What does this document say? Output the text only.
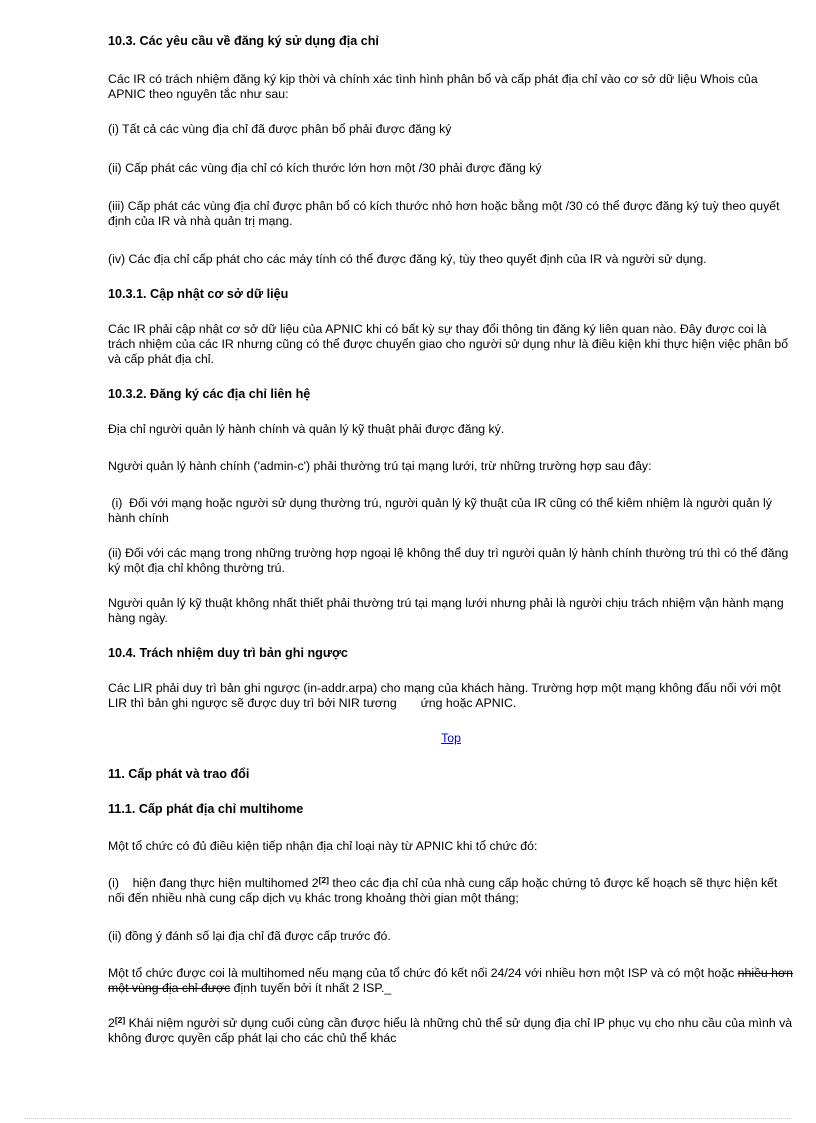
10.3. Các yêu cầu về đăng ký sử dụng địa chỉ

Các IR có trách nhiệm đăng ký kịp thời và chính xác tình hình phân bổ và cấp phát địa chỉ vào cơ sở dữ liệu Whois của APNIC theo nguyên tắc như sau:

(i) Tất cả các vùng địa chỉ đã được phân bổ phải được đăng ký

(ii) Cấp phát các vùng địa chỉ có kích thước lớn hơn một /30 phải được đăng ký

(iii) Cấp phát các vùng địa chỉ được phân bổ có kích thước nhỏ hơn hoặc bằng một /30 có thể được đăng ký tuỳ theo quyết định của IR và nhà quản trị mạng.

(iv) Các địa chỉ cấp phát cho các máy tính có thể được đăng ký, tùy theo quyết định của IR và người sử dụng.

10.3.1. Cập nhật cơ sở dữ liệu

Các IR phải cập nhật cơ sở dữ liệu của APNIC khi có bất kỳ sự thay đổi thông tin đăng ký liên quan nào. Đây được coi là trách nhiệm của các IR nhưng cũng có thể được chuyển giao cho người sử dụng như là điều kiện khi thực hiện việc phân bổ và cấp phát địa chỉ.

10.3.2. Đăng ký các địa chỉ liên hệ

Địa chỉ người quản lý hành chính và quản lý kỹ thuật phải được đăng ký.

Người quản lý hành chính ('admin-c') phải thường trú tại mạng lưới, trừ những trường hợp sau đây:

(i)  Đối với mạng hoặc người sử dụng thường trú, người quản lý kỹ thuật của IR cũng có thể kiêm nhiệm là người quản lý hành chính

(ii) Đối với các mạng trong những trường hợp ngoại lệ không thể duy trì người quản lý hành chính thường trú thì có thể đăng ký một địa chỉ không thường trú.

Người quản lý kỹ thuật không nhất thiết phải thường trú tại mạng lưới nhưng phải là người chịu trách nhiệm vận hành mạng hàng ngày.

10.4. Trách nhiệm duy trì bản ghi ngược

Các LIR phải duy trì bản ghi ngược (in-addr.arpa) cho mạng của khách hàng. Trường hợp một mạng không đấu nối với một LIR thì bản ghi ngược sẽ được duy trì bởi NIR tương       ứng hoặc APNIC.

Top
11. Cấp phát và trao đổi
11.1. Cấp phát địa chỉ multihome

Một tổ chức có đủ điều kiện tiếp nhận địa chỉ loại này từ APNIC khi tổ chức đó:

(i)    hiện đang thực hiện multihomed 2[2] theo các địa chỉ của nhà cung cấp hoặc chứng tỏ được kế hoạch sẽ thực hiện kết nối đến nhiều nhà cung cấp dịch vụ khác trong khoảng thời gian một tháng;

(ii) đồng ý đánh số lại địa chỉ đã được cấp trước đó.

Một tổ chức được coi là multihomed nếu mạng của tổ chức đó kết nối 24/24 với nhiều hơn một ISP và có một hoặc nhiều hơn một vùng địa chỉ được định tuyến bởi ít nhất 2 ISP._

2[2] Khái niệm người sử dụng cuối cùng cần được hiểu là những chủ thể sử dụng địa chỉ IP phục vụ cho nhu cầu của mình và không được quyền cấp phát lại cho các chủ thể khác
